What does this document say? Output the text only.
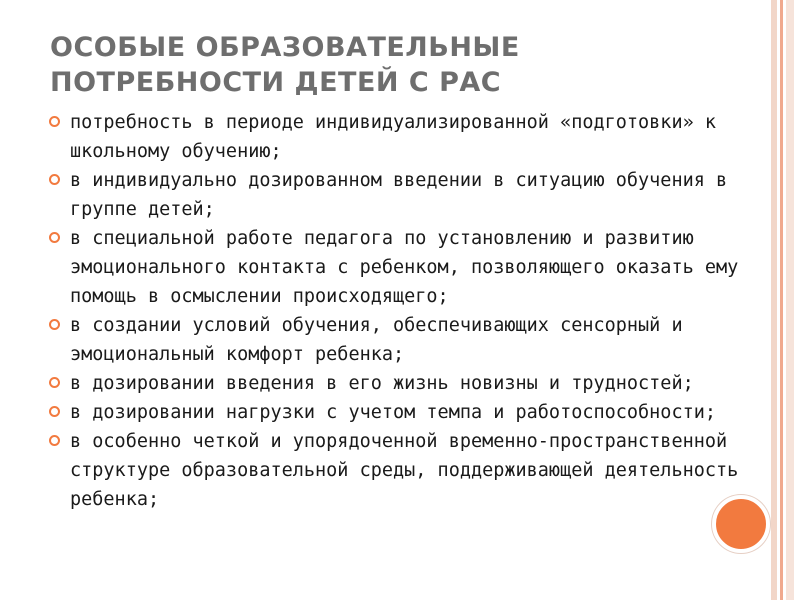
ОСОБЫЕ ОБРАЗОВАТЕЛЬНЫЕ ПОТРЕБНОСТИ ДЕТЕЙ С РАС
потребность в периоде индивидуализированной «подготовки» к школьному обучению;
в индивидуально дозированном введении в ситуацию обучения в группе детей;
в специальной работе педагога по установлению и развитию эмоционального контакта с ребенком, позволяющего оказать ему помощь в осмыслении происходящего;
в создании условий обучения, обеспечивающих сенсорный и эмоциональный комфорт ребенка;
в дозировании введения в его жизнь новизны и трудностей;
в дозировании нагрузки с учетом темпа и работоспособности;
в особенно четкой и упорядоченной временно-пространственной структуре образовательной среды, поддерживающей деятельность ребенка;
